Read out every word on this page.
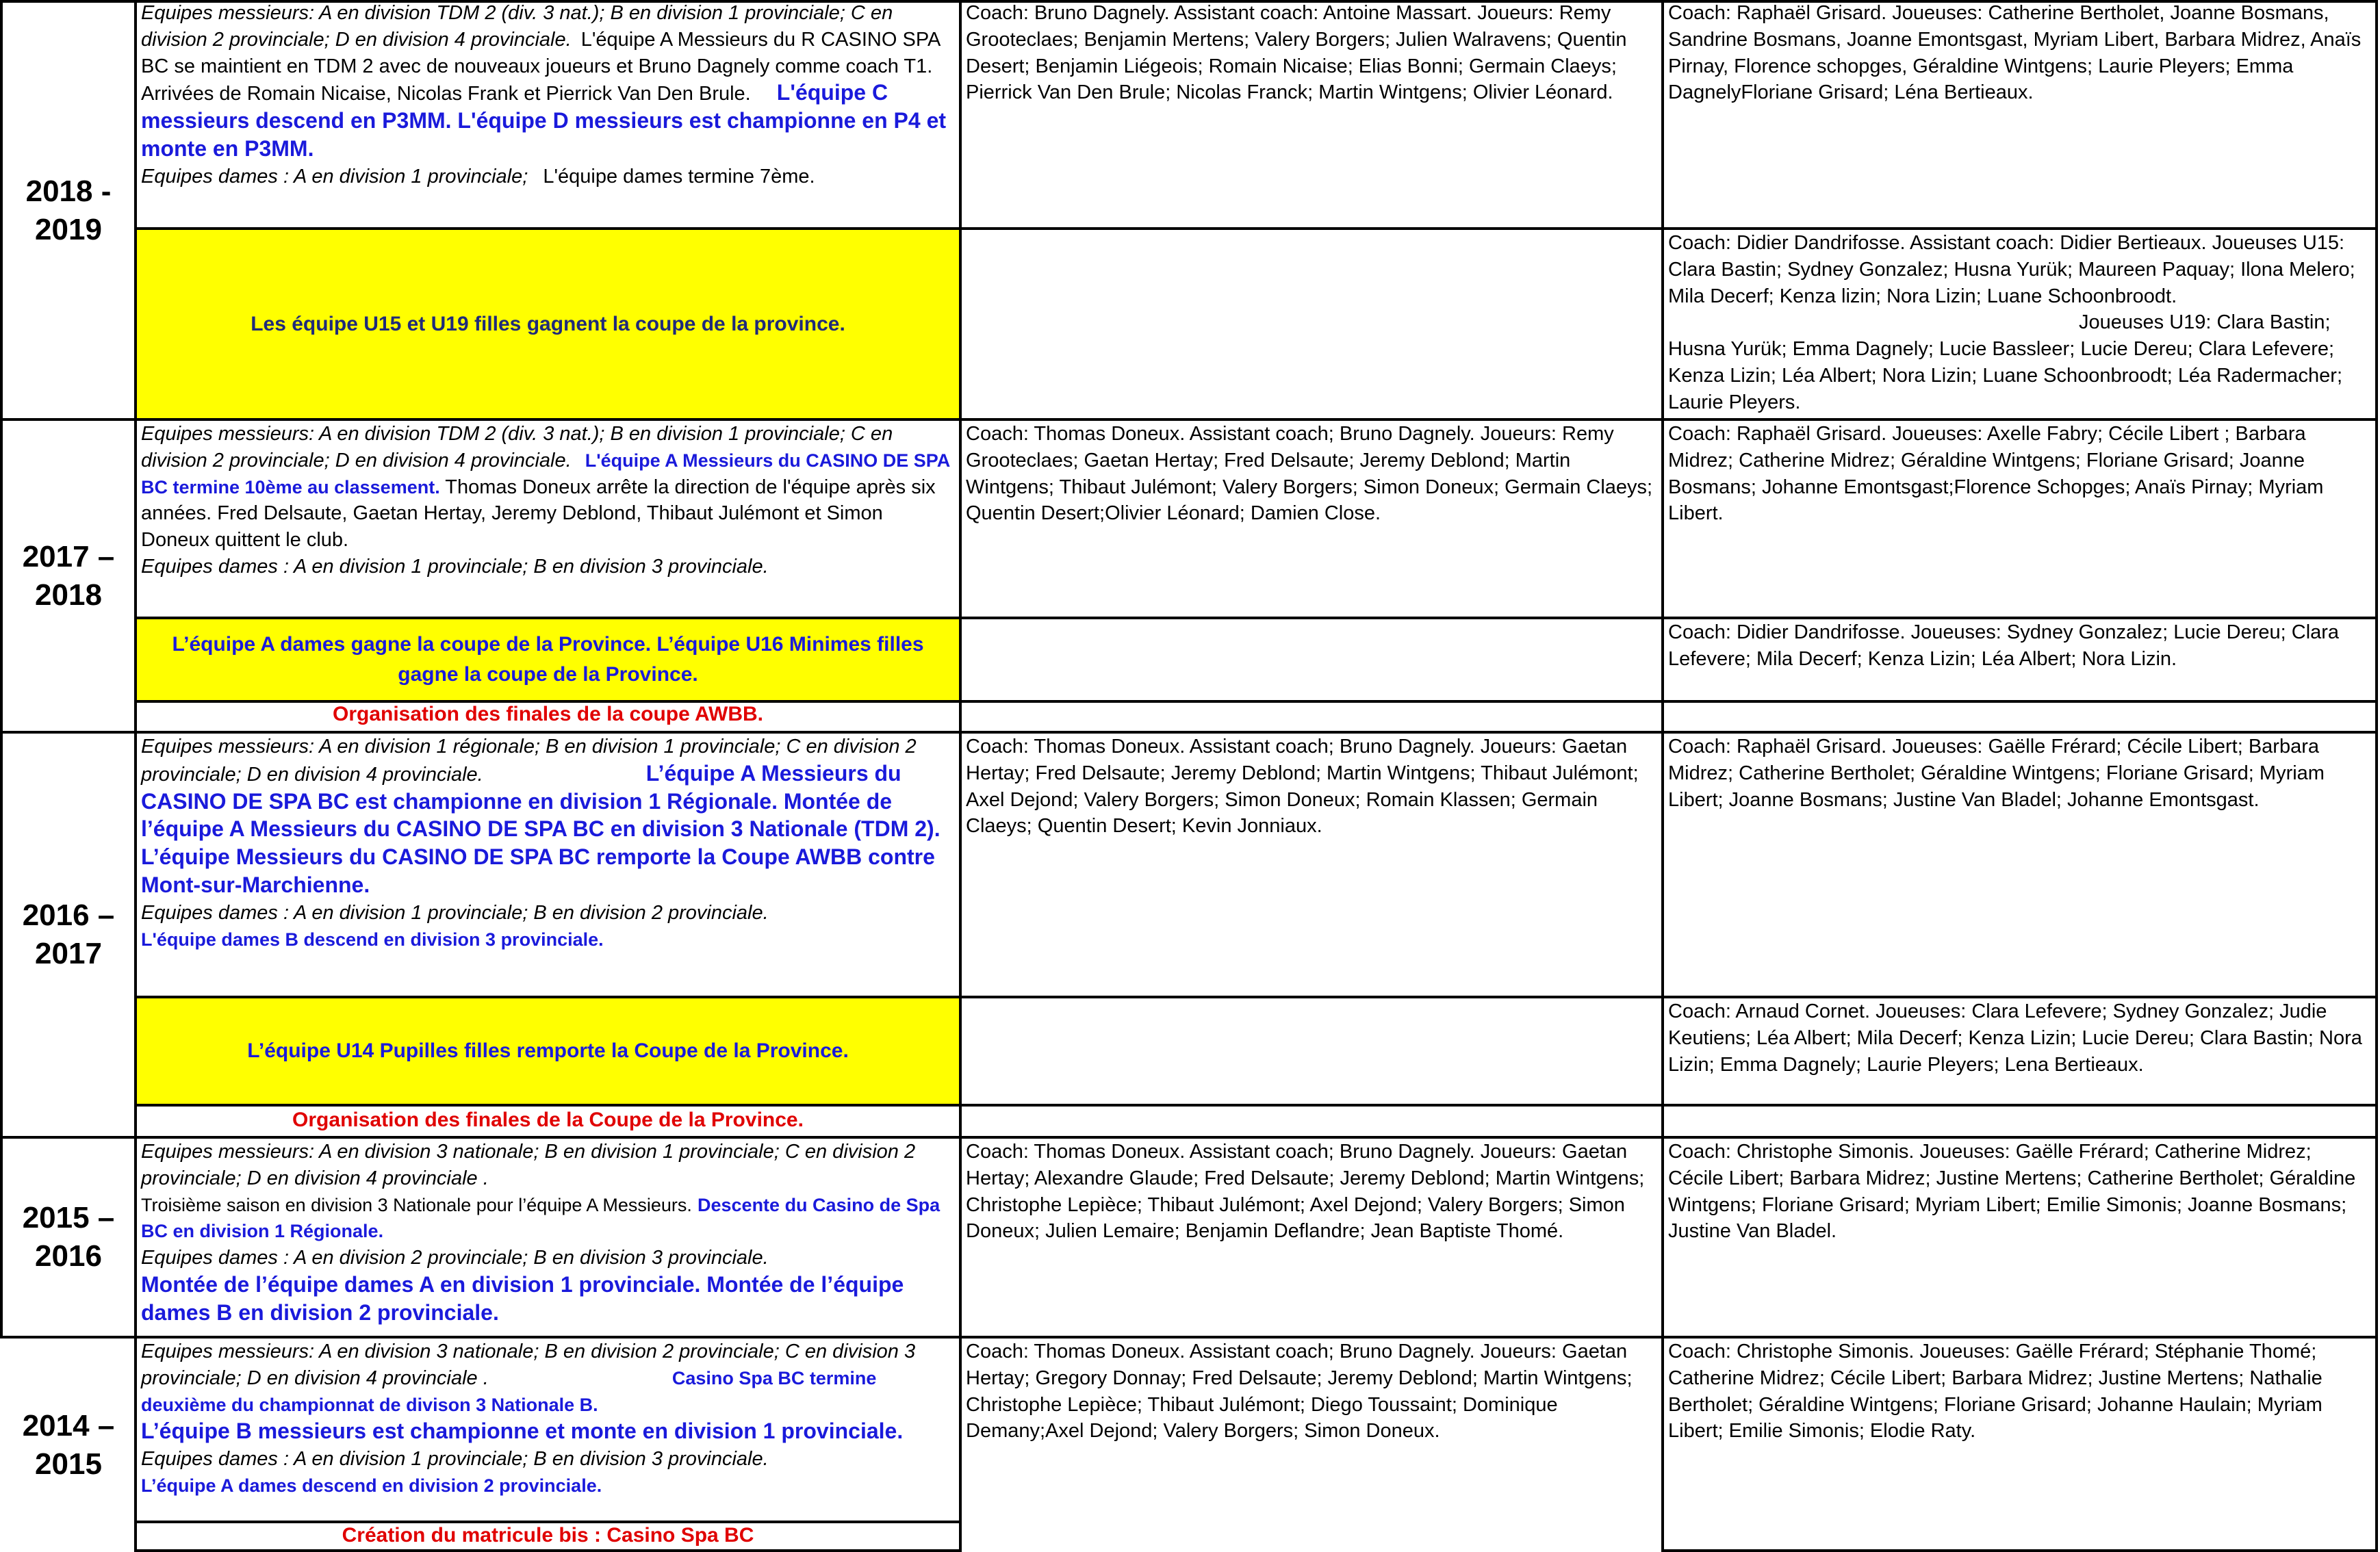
2018 - 2019
Equipes messieurs: A en division TDM 2 (div. 3 nat.); B en division 1 provinciale; C en division 2 provinciale; D en division 4 provinciale. L'équipe A Messieurs du R CASINO SPA BC se maintient en TDM 2 avec de nouveaux joueurs et Bruno Dagnely comme coach T1. Arrivées de Romain Nicaise, Nicolas Frank et Pierrick Van Den Brule. L'équipe C messieurs descend en P3MM. L'équipe D messieurs est championne en P4 et monte en P3MM.
Equipes dames : A en division 1 provinciale; L'équipe dames termine 7ème.
Coach: Bruno Dagnely. Assistant coach: Antoine Massart. Joueurs: Remy Grooteclaes; Benjamin Mertens; Valery Borgers; Julien Walravens; Quentin Desert; Benjamin Liégeois; Romain Nicaise; Elias Bonni; Germain Claeys; Pierrick Van Den Brule; Nicolas Franck; Martin Wintgens; Olivier Léonard.
Coach: Raphaël Grisard. Joueuses: Catherine Bertholet, Joanne Bosmans, Sandrine Bosmans, Joanne Emontsgast, Myriam Libert, Barbara Midrez, Anaïs Pirnay, Florence schopges, Géraldine Wintgens; Laurie Pleyers; Emma DagnelyFloriane Grisard; Léna Bertieaux.
Les équipe U15 et U19 filles gagnent la coupe de la province.
Coach: Didier Dandrifosse. Assistant coach: Didier Bertieaux. Joueuses U15: Clara Bastin; Sydney Gonzalez; Husna Yurük; Maureen Paquay; Ilona Melero; Mila Decerf; Kenza lizin; Nora Lizin; Luane Schoonbroodt.Joueuses U19: Clara Bastin; Husna Yurük; Emma Dagnely; Lucie Bassleer; Lucie Dereu; Clara Lefevere; Kenza Lizin; Léa Albert; Nora Lizin; Luane Schoonbroodt; Léa Radermacher; Laurie Pleyers.
2017 – 2018
Equipes messieurs: A en division TDM 2 (div. 3 nat.); B en division 1 provinciale; C en division 2 provinciale; D en division 4 provinciale. L'équipe A Messieurs du CASINO DE SPA BC termine 10ème au classement. Thomas Doneux arrête la direction de l'équipe après six années. Fred Delsaute, Gaetan Hertay, Jeremy Deblond, Thibaut Julémont et Simon Doneux quittent le club.
Equipes dames : A en division 1 provinciale; B en division 3 provinciale.
Coach: Thomas Doneux. Assistant coach; Bruno Dagnely. Joueurs: Remy Grooteclaes; Gaetan Hertay; Fred Delsaute; Jeremy Deblond; Martin Wintgens; Thibaut Julémont; Valery Borgers; Simon Doneux; Germain Claeys; Quentin Desert;Olivier Léonard; Damien Close.
Coach: Raphaël Grisard. Joueuses: Axelle Fabry; Cécile Libert ; Barbara Midrez; Catherine Midrez; Géraldine Wintgens; Floriane Grisard; Joanne Bosmans; Johanne Emontsgast;Florence Schopges; Anaïs Pirnay; Myriam Libert.
L’équipe A dames gagne la coupe de la Province. L’équipe U16 Minimes filles gagne la coupe de la Province.
Coach: Didier Dandrifosse. Joueuses: Sydney Gonzalez; Lucie Dereu; Clara Lefevere; Mila Decerf; Kenza Lizin; Léa Albert; Nora Lizin.
Organisation des finales de la coupe AWBB.
2016 – 2017
Equipes messieurs: A en division 1 régionale; B en division 1 provinciale; C en division 2 provinciale; D en division 4 provinciale.	L’équipe A Messieurs du CASINO DE SPA BC est championne en division 1 Régionale. Montée de l’équipe A Messieurs du CASINO DE SPA BC en division 3 Nationale (TDM 2). L’équipe Messieurs du CASINO DE SPA BC remporte la Coupe AWBB contre Mont-sur-Marchienne.
Equipes dames : A en division 1 provinciale; B en division 2 provinciale.
L'équipe dames B descend en division 3 provinciale.
Coach: Thomas Doneux. Assistant coach; Bruno Dagnely. Joueurs: Gaetan Hertay; Fred Delsaute; Jeremy Deblond; Martin Wintgens; Thibaut Julémont; Axel Dejond; Valery Borgers; Simon Doneux; Romain Klassen; Germain Claeys; Quentin Desert; Kevin Jonniaux.
Coach: Raphaël Grisard. Joueuses: Gaëlle Frérard; Cécile Libert; Barbara Midrez; Catherine Bertholet; Géraldine Wintgens; Floriane Grisard; Myriam Libert; Joanne Bosmans; Justine Van Bladel; Johanne Emontsgast.
L’équipe U14 Pupilles filles remporte la Coupe de la Province.
Coach: Arnaud Cornet. Joueuses: Clara Lefevere; Sydney Gonzalez; Judie Keutiens; Léa Albert; Mila Decerf; Kenza Lizin; Lucie Dereu; Clara Bastin; Nora Lizin; Emma Dagnely; Laurie Pleyers; Lena Bertieaux.
Organisation des finales de la Coupe de la Province.
2015 – 2016
Equipes messieurs: A en division 3 nationale; B en division 1 provinciale; C en division 2 provinciale; D en division 4 provinciale .
Troisième saison en division 3 Nationale pour l’équipe A Messieurs. Descente du Casino de Spa BC en division 1 Régionale.
Equipes dames : A en division 2 provinciale; B en division 3 provinciale.
Montée de l’équipe dames A en division 1 provinciale. Montée de l’équipe dames B en division 2 provinciale.
Coach: Thomas Doneux. Assistant coach; Bruno Dagnely. Joueurs: Gaetan Hertay; Alexandre Glaude; Fred Delsaute; Jeremy Deblond; Martin Wintgens; Christophe Lepièce; Thibaut Julémont; Axel Dejond; Valery Borgers; Simon Doneux; Julien Lemaire; Benjamin Deflandre; Jean Baptiste Thomé.
Coach: Christophe Simonis. Joueuses: Gaëlle Frérard; Catherine Midrez; Cécile Libert; Barbara Midrez; Justine Mertens; Catherine Bertholet; Géraldine Wintgens; Floriane Grisard; Myriam Libert; Emilie Simonis; Joanne Bosmans; Justine Van Bladel.
2014 – 2015
Equipes messieurs: A en division 3 nationale; B en division 2 provinciale; C en division 3 provinciale; D en division 4 provinciale .	Casino Spa BC termine deuxième du championnat de divison 3 Nationale B.
L’équipe B messieurs est championne et monte en division 1 provinciale.
Equipes dames : A en division 1 provinciale; B en division 3 provinciale.
L’équipe A dames descend en division 2 provinciale.
Coach: Thomas Doneux. Assistant coach; Bruno Dagnely. Joueurs: Gaetan Hertay; Gregory Donnay; Fred Delsaute; Jeremy Deblond; Martin Wintgens; Christophe Lepièce; Thibaut Julémont; Diego Toussaint; Dominique Demany;Axel Dejond; Valery Borgers; Simon Doneux.
Coach: Christophe Simonis. Joueuses: Gaëlle Frérard; Stéphanie Thomé; Catherine Midrez; Cécile Libert; Barbara Midrez; Justine Mertens; Nathalie Bertholet; Géraldine Wintgens; Floriane Grisard; Johanne Haulain; Myriam Libert; Emilie Simonis; Elodie Raty.
Création du matricule bis : Casino Spa BC
